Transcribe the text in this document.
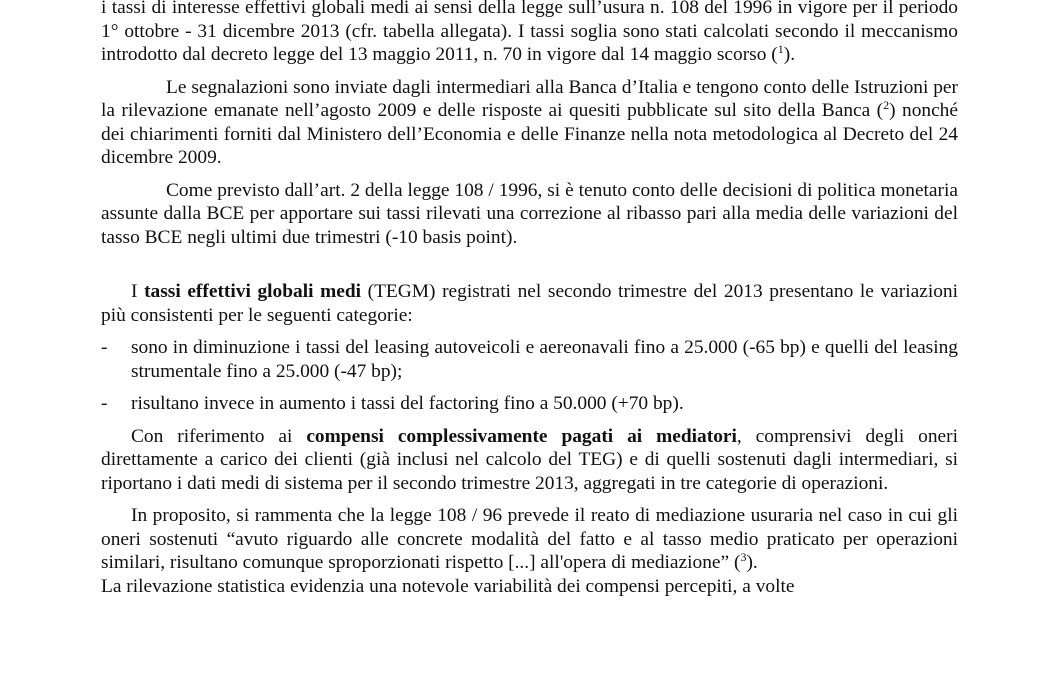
i tassi di interesse effettivi globali medi ai sensi della legge sull’usura n. 108 del 1996 in vigore per il periodo 1° ottobre - 31 dicembre 2013 (cfr. tabella allegata). I tassi soglia sono stati calcolati secondo il meccanismo introdotto dal decreto legge del 13 maggio 2011, n. 70 in vigore dal 14 maggio scorso ($^1$).

Le segnalazioni sono inviate dagli intermediari alla Banca d’Italia e tengono conto delle Istruzioni per la rilevazione emanate nell’agosto 2009 e delle risposte ai quesiti pubblicate sul sito della Banca ($^2$) nonché dei chiarimenti forniti dal Ministero dell’Economia e delle Finanze nella nota metodologica al Decreto del 24 dicembre 2009.

Come previsto dall’art. 2 della legge 108 / 1996, si è tenuto conto delle decisioni di politica monetaria assunte dalla BCE per apportare sui tassi rilevati una correzione al ribasso pari alla media delle variazioni del tasso BCE negli ultimi due trimestri (-10 basis point).

I tassi effettivi globali medi (TEGM) registrati nel secondo trimestre del 2013 presentano le variazioni più consistenti per le seguenti categorie:

- sono in diminuzione i tassi del leasing autoveicoli e aereonavali fino a 25.000 (-65 bp) e quelli del leasing strumentale fino a 25.000 (-47 bp);
- risultano invece in aumento i tassi del factoring fino a 50.000 (+70 bp).

Con riferimento ai compensi complessivamente pagati ai mediatori, comprensivi degli oneri direttamente a carico dei clienti (già inclusi nel calcolo del TEG) e di quelli sostenuti dagli intermediari, si riportano i dati medi di sistema per il secondo trimestre 2013, aggregati in tre categorie di operazioni.

In proposito, si rammenta che la legge 108 / 96 prevede il reato di mediazione usuraria nel caso in cui gli oneri sostenuti “avuto riguardo alle concrete modalità del fatto e al tasso medio praticato per operazioni similari, risultano comunque sproporzionati rispetto [...] all'opera di mediazione” ($^3$).

La rilevazione statistica evidenzia una notevole variabilità dei compensi percepiti, a volte
